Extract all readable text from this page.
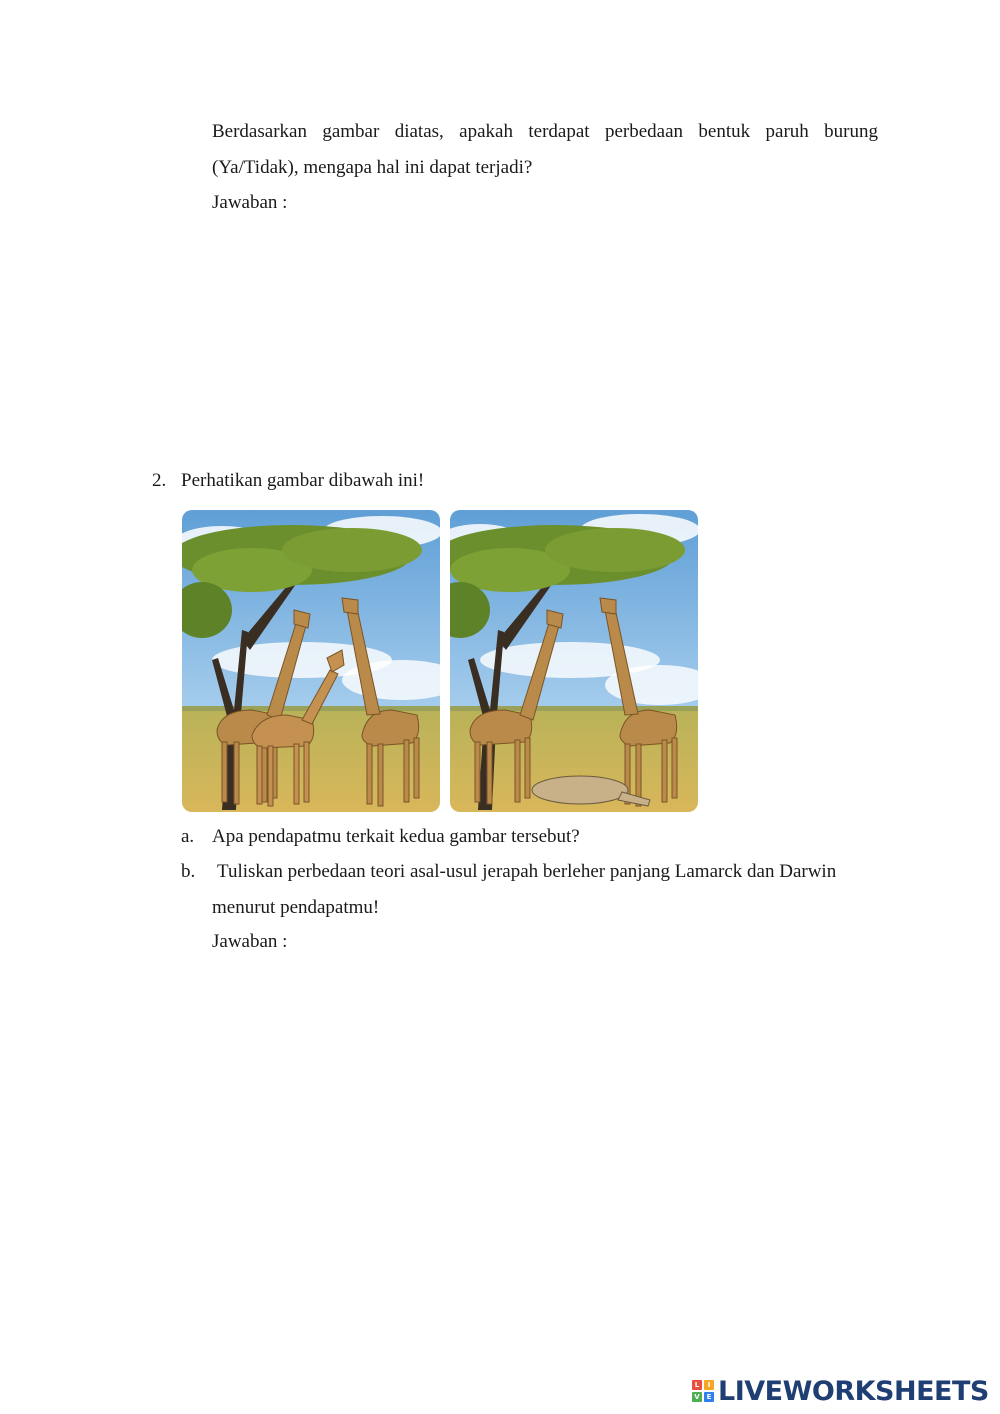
Berdasarkan gambar diatas, apakah terdapat perbedaan bentuk paruh burung
(Ya/Tidak), mengapa hal ini dapat terjadi?
Jawaban :
2. Perhatikan gambar dibawah ini!
a. Apa pendapatmu terkait kedua gambar tersebut?
b. Tuliskan perbedaan teori asal-usul jerapah berleher panjang Lamarck dan Darwin
menurut pendapatmu!
Jawaban :
L	I
V E LIVEWORKSHEETS
